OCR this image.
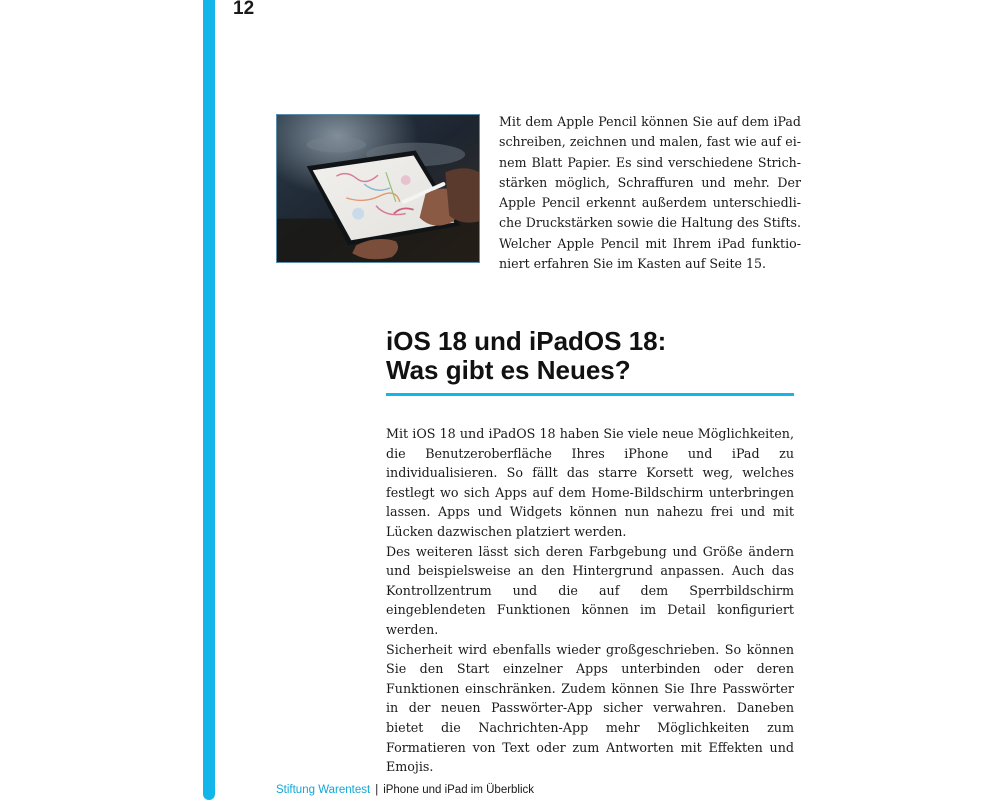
12
Mit dem Apple Pencil können Sie auf dem iPad schreiben, zeichnen und malen, fast wie auf einem Blatt Papier. Es sind verschiedene Strichstärken möglich, Schraffuren und mehr. Der Apple Pencil erkennt außerdem unterschiedliche Druckstärken sowie die Haltung des Stifts. Welcher Apple Pencil mit Ihrem iPad funktioniert erfahren Sie im Kasten auf Seite 15.
iOS 18 und iPadOS 18:
Was gibt es Neues?

Mit iOS 18 und iPadOS 18 haben Sie viele neue Möglichkeiten, die Benutzeroberfläche Ihres iPhone und iPad zu individualisieren. So fällt das starre Korsett weg, welches festlegt wo sich Apps auf dem Home-Bildschirm unterbringen lassen. Apps und Widgets können nun nahezu frei und mit Lücken dazwischen platziert werden.

Des weiteren lässt sich deren Farbgebung und Größe ändern und beispielsweise an den Hintergrund anpassen. Auch das Kontrollzentrum und die auf dem Sperrbildschirm eingeblendeten Funktionen können im Detail konfiguriert werden.

Sicherheit wird ebenfalls wieder großgeschrieben. So können Sie den Start einzelner Apps unterbinden oder deren Funktionen einschränken. Zudem können Sie Ihre Passwörter in der neuen Passwörter-App sicher verwahren. Daneben bietet die Nachrichten-App mehr Möglichkeiten zum Formatieren von Text oder zum Antworten mit Effekten und Emojis.

Stiftung Warentest | iPhone und iPad im Überblick
